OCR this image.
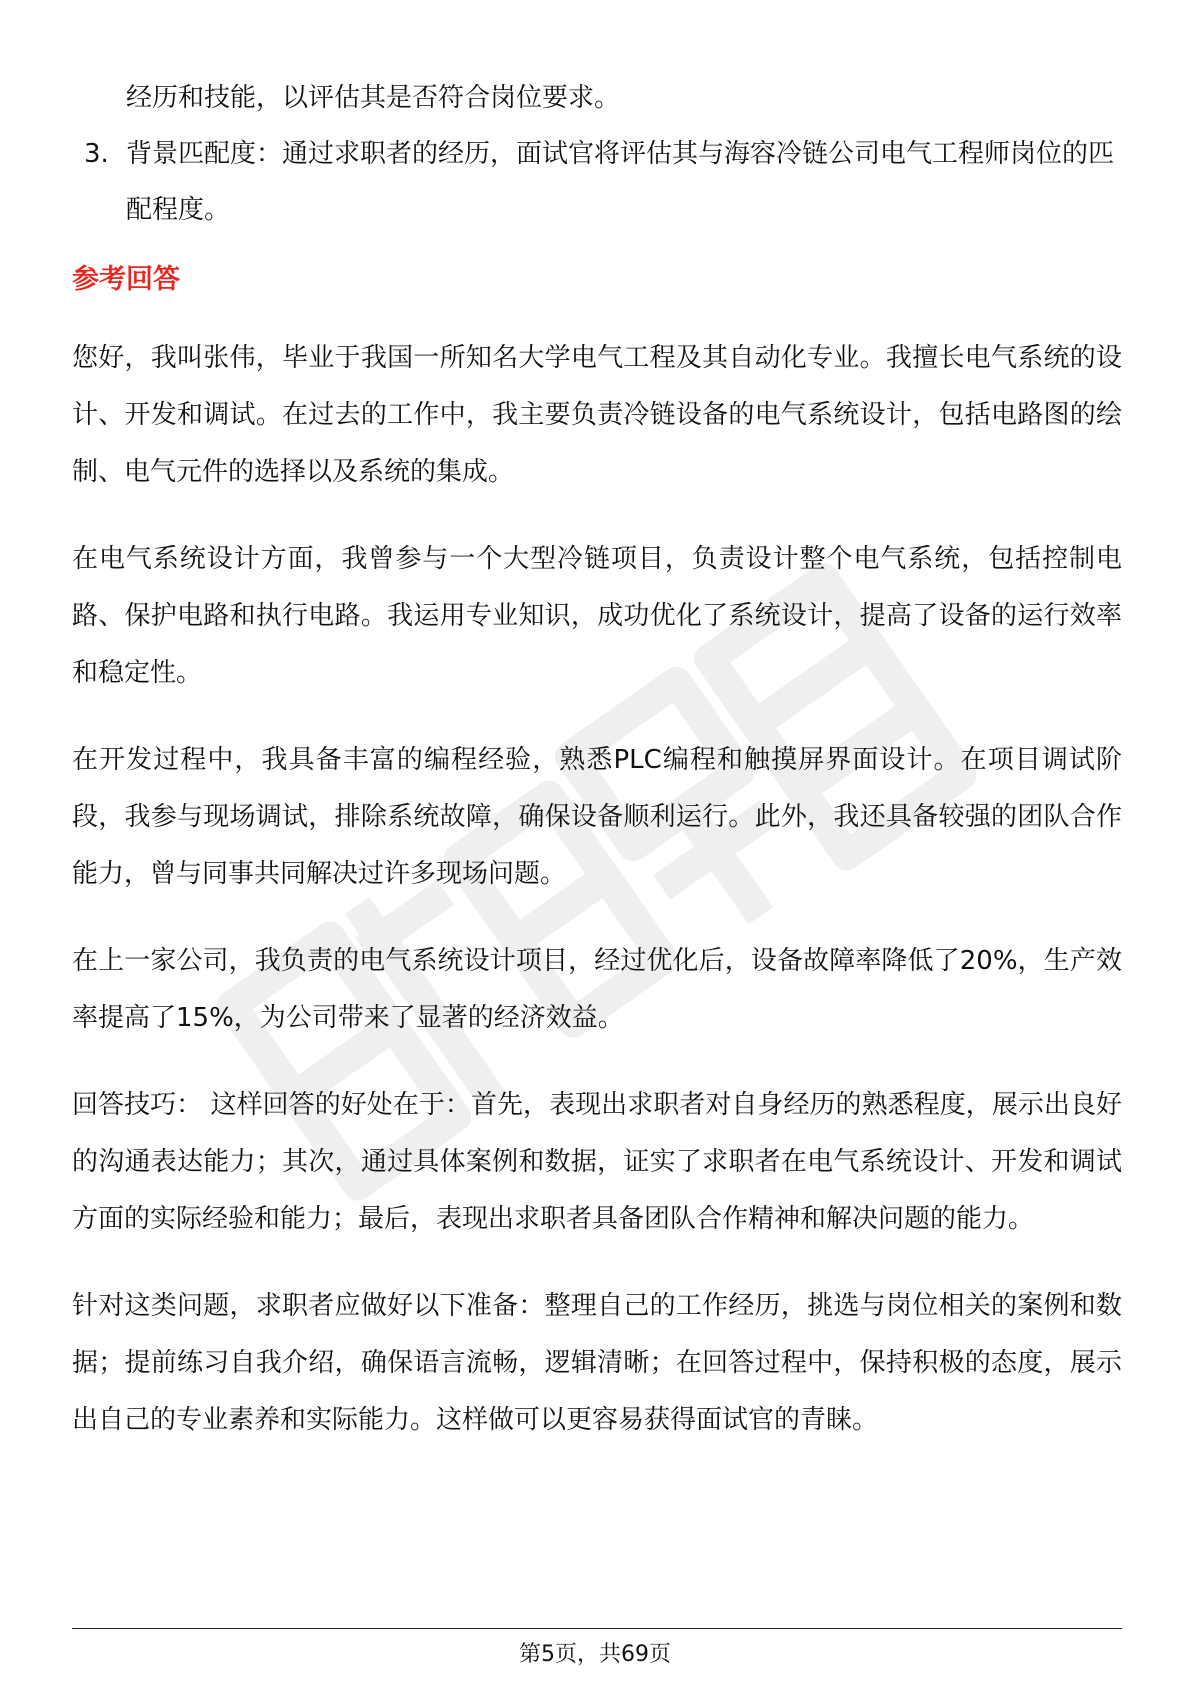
经历和技能，以评估其是否符合岗位要求。

3. 背景匹配度：通过求职者的经历，面试官将评估其与海容冷链公司电气工程师岗位的匹配程度。
参考回答

您好，我叫张伟，毕业于我国一所知名大学电气工程及其自动化专业。我擅长电气系统的设计、开发和调试。在过去的工作中，我主要负责冷链设备的电气系统设计，包括电路图的绘制、电气元件的选择以及系统的集成。

在电气系统设计方面，我曾参与一个大型冷链项目，负责设计整个电气系统，包括控制电路、保护电路和执行电路。我运用专业知识，成功优化了系统设计，提高了设备的运行效率和稳定性。

在开发过程中，我具备丰富的编程经验，熟悉PLC编程和触摸屏界面设计。在项目调试阶段，我参与现场调试，排除系统故障，确保设备顺利运行。此外，我还具备较强的团队合作能力，曾与同事共同解决过许多现场问题。

在上一家公司，我负责的电气系统设计项目，经过优化后，设备故障率降低了20%，生产效率提高了15%，为公司带来了显著的经济效益。

回答技巧： 这样回答的好处在于：首先，表现出求职者对自身经历的熟悉程度，展示出良好的沟通表达能力；其次，通过具体案例和数据，证实了求职者在电气系统设计、开发和调试方面的实际经验和能力；最后，表现出求职者具备团队合作精神和解决问题的能力。

针对这类问题，求职者应做好以下准备：整理自己的工作经历，挑选与岗位相关的案例和数据；提前练习自我介绍，确保语言流畅，逻辑清晰；在回答过程中，保持积极的态度，展示出自己的专业素养和实际能力。这样做可以更容易获得面试官的青睐。

第5页，共69页
